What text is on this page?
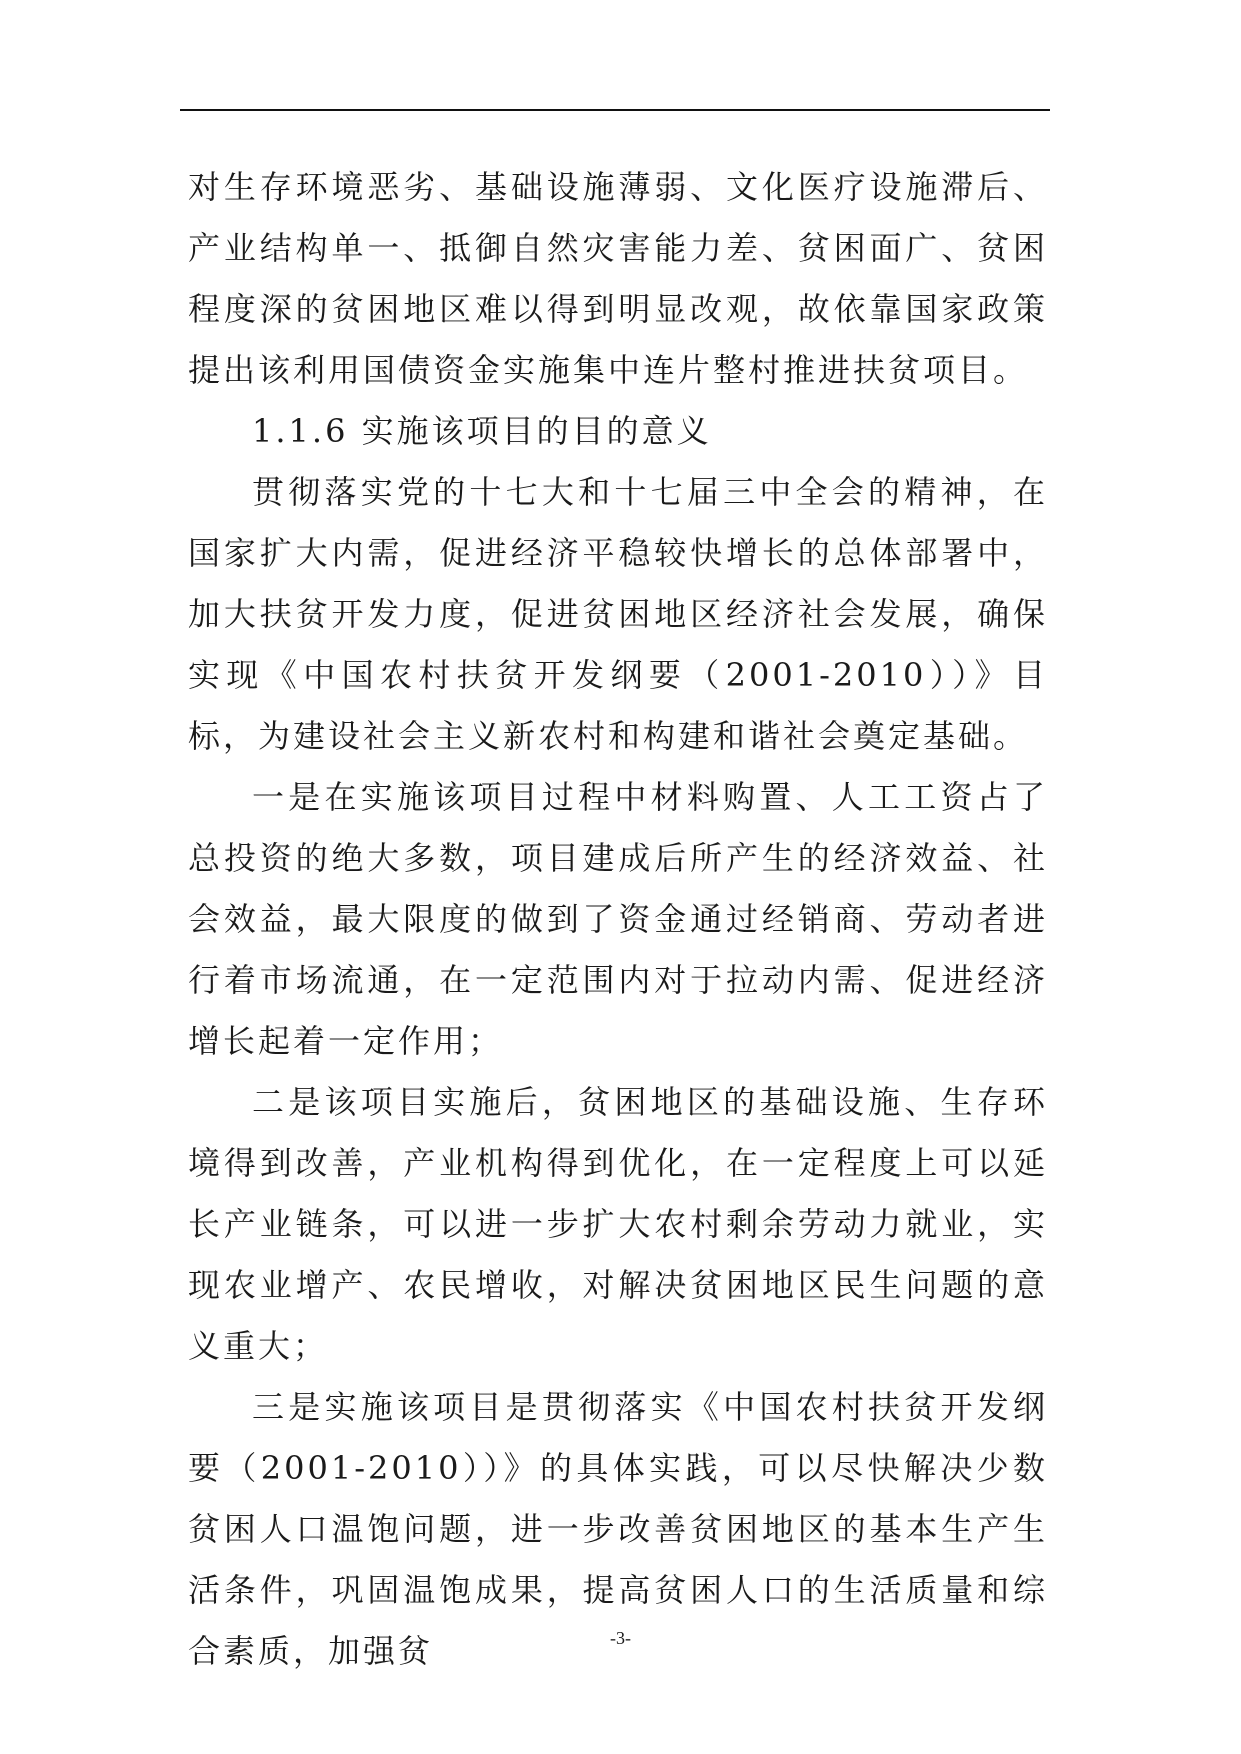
对生存环境恶劣、基础设施薄弱、文化医疗设施滞后、产业结构单一、抵御自然灾害能力差、贫困面广、贫困程度深的贫困地区难以得到明显改观，故依靠国家政策提出该利用国债资金实施集中连片整村推进扶贫项目。

1.1.6 实施该项目的目的意义

贯彻落实党的十七大和十七届三中全会的精神，在国家扩大内需，促进经济平稳较快增长的总体部署中，加大扶贫开发力度，促进贫困地区经济社会发展，确保实现《中国农村扶贫开发纲要（2001-2010））》目标，为建设社会主义新农村和构建和谐社会奠定基础。

一是在实施该项目过程中材料购置、人工工资占了总投资的绝大多数，项目建成后所产生的经济效益、社会效益，最大限度的做到了资金通过经销商、劳动者进行着市场流通，在一定范围内对于拉动内需、促进经济增长起着一定作用；

二是该项目实施后，贫困地区的基础设施、生存环境得到改善，产业机构得到优化，在一定程度上可以延长产业链条，可以进一步扩大农村剩余劳动力就业，实现农业增产、农民增收，对解决贫困地区民生问题的意义重大；

三是实施该项目是贯彻落实《中国农村扶贫开发纲要（2001-2010））》的具体实践，可以尽快解决少数贫困人口温饱问题，进一步改善贫困地区的基本生产生活条件，巩固温饱成果，提高贫困人口的生活质量和综合素质，加强贫	-3-
